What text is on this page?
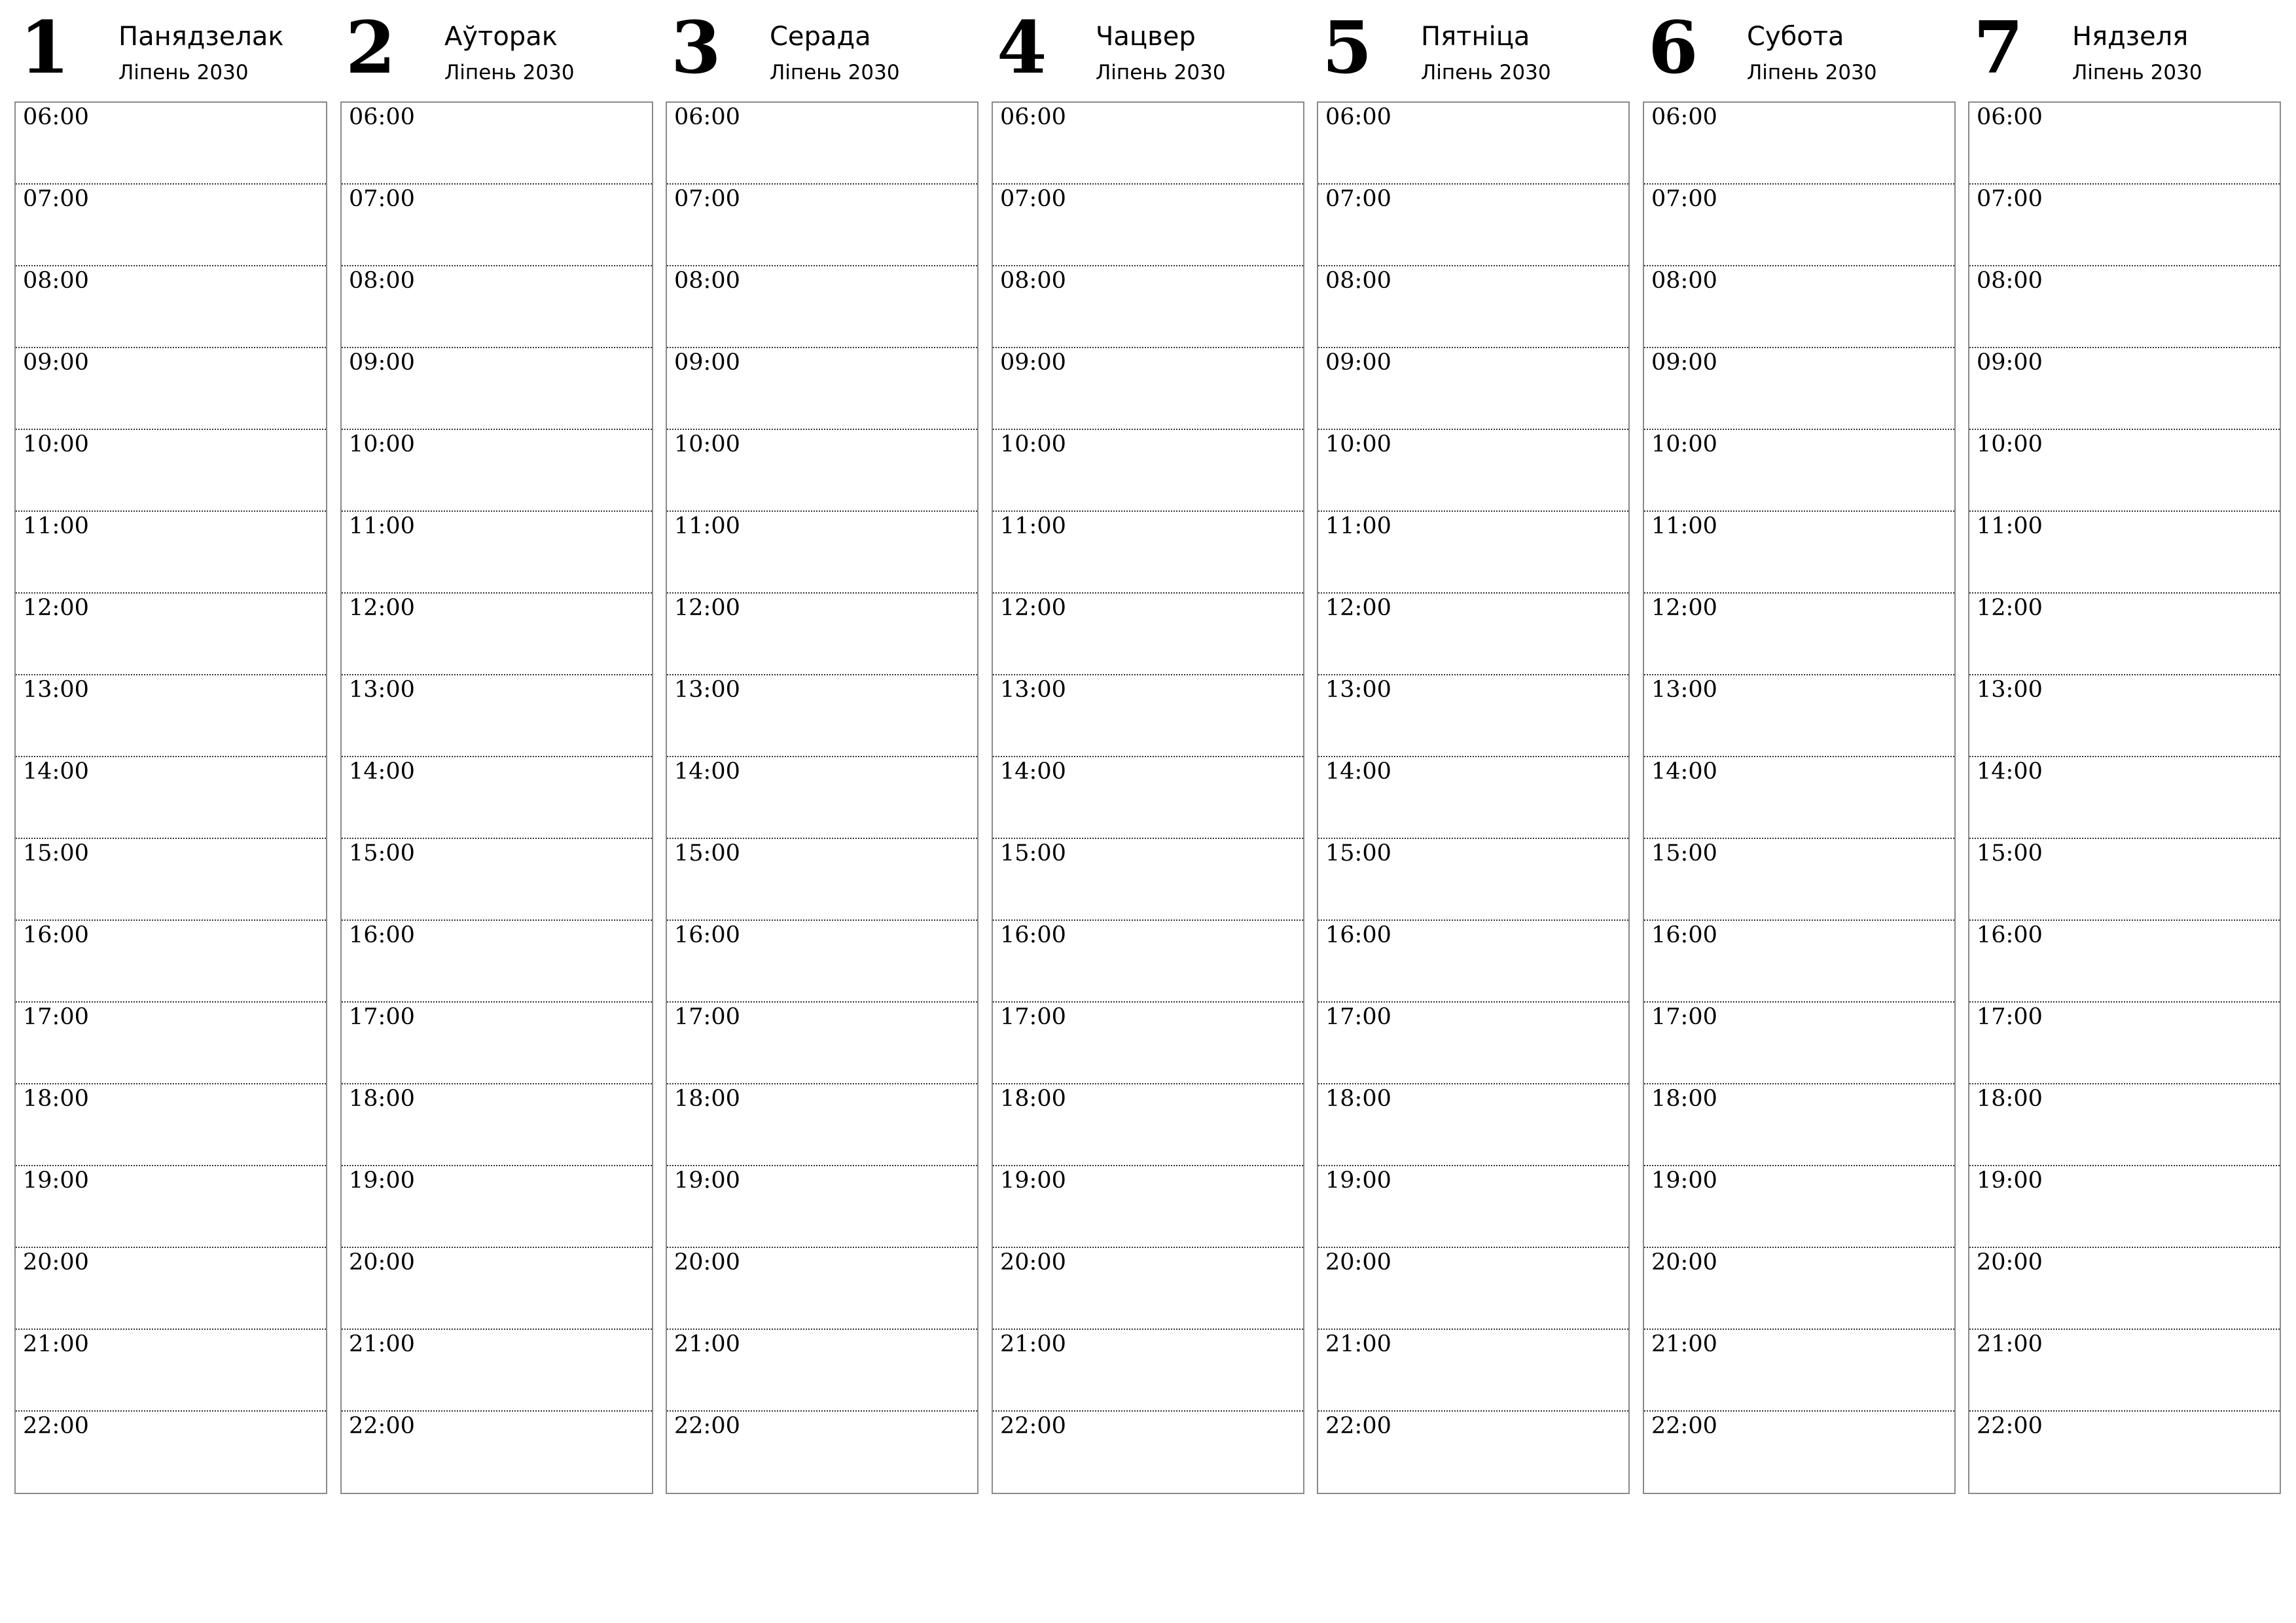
1 Панядзелак
Ліпень 2030
06:00
07:00
08:00
09:00
10:00
11:00
12:00
13:00
14:00
15:00
16:00
17:00
18:00
19:00
20:00
21:00
22:00
2 Аўторак
Ліпень 2030
06:00
07:00
08:00
09:00
10:00
11:00
12:00
13:00
14:00
15:00
16:00
17:00
18:00
19:00
20:00
21:00
22:00
3 Серада
Ліпень 2030
06:00
07:00
08:00
09:00
10:00
11:00
12:00
13:00
14:00
15:00
16:00
17:00
18:00
19:00
20:00
21:00
22:00
4 Чацвер
Ліпень 2030
06:00
07:00
08:00
09:00
10:00
11:00
12:00
13:00
14:00
15:00
16:00
17:00
18:00
19:00
20:00
21:00
22:00
5 Пятніца
Ліпень 2030
06:00
07:00
08:00
09:00
10:00
11:00
12:00
13:00
14:00
15:00
16:00
17:00
18:00
19:00
20:00
21:00
22:00
6 Субота
Ліпень 2030
06:00
07:00
08:00
09:00
10:00
11:00
12:00
13:00
14:00
15:00
16:00
17:00
18:00
19:00
20:00
21:00
22:00
7 Нядзеля
Ліпень 2030
06:00
07:00
08:00
09:00
10:00
11:00
12:00
13:00
14:00
15:00
16:00
17:00
18:00
19:00
20:00
21:00
22:00
